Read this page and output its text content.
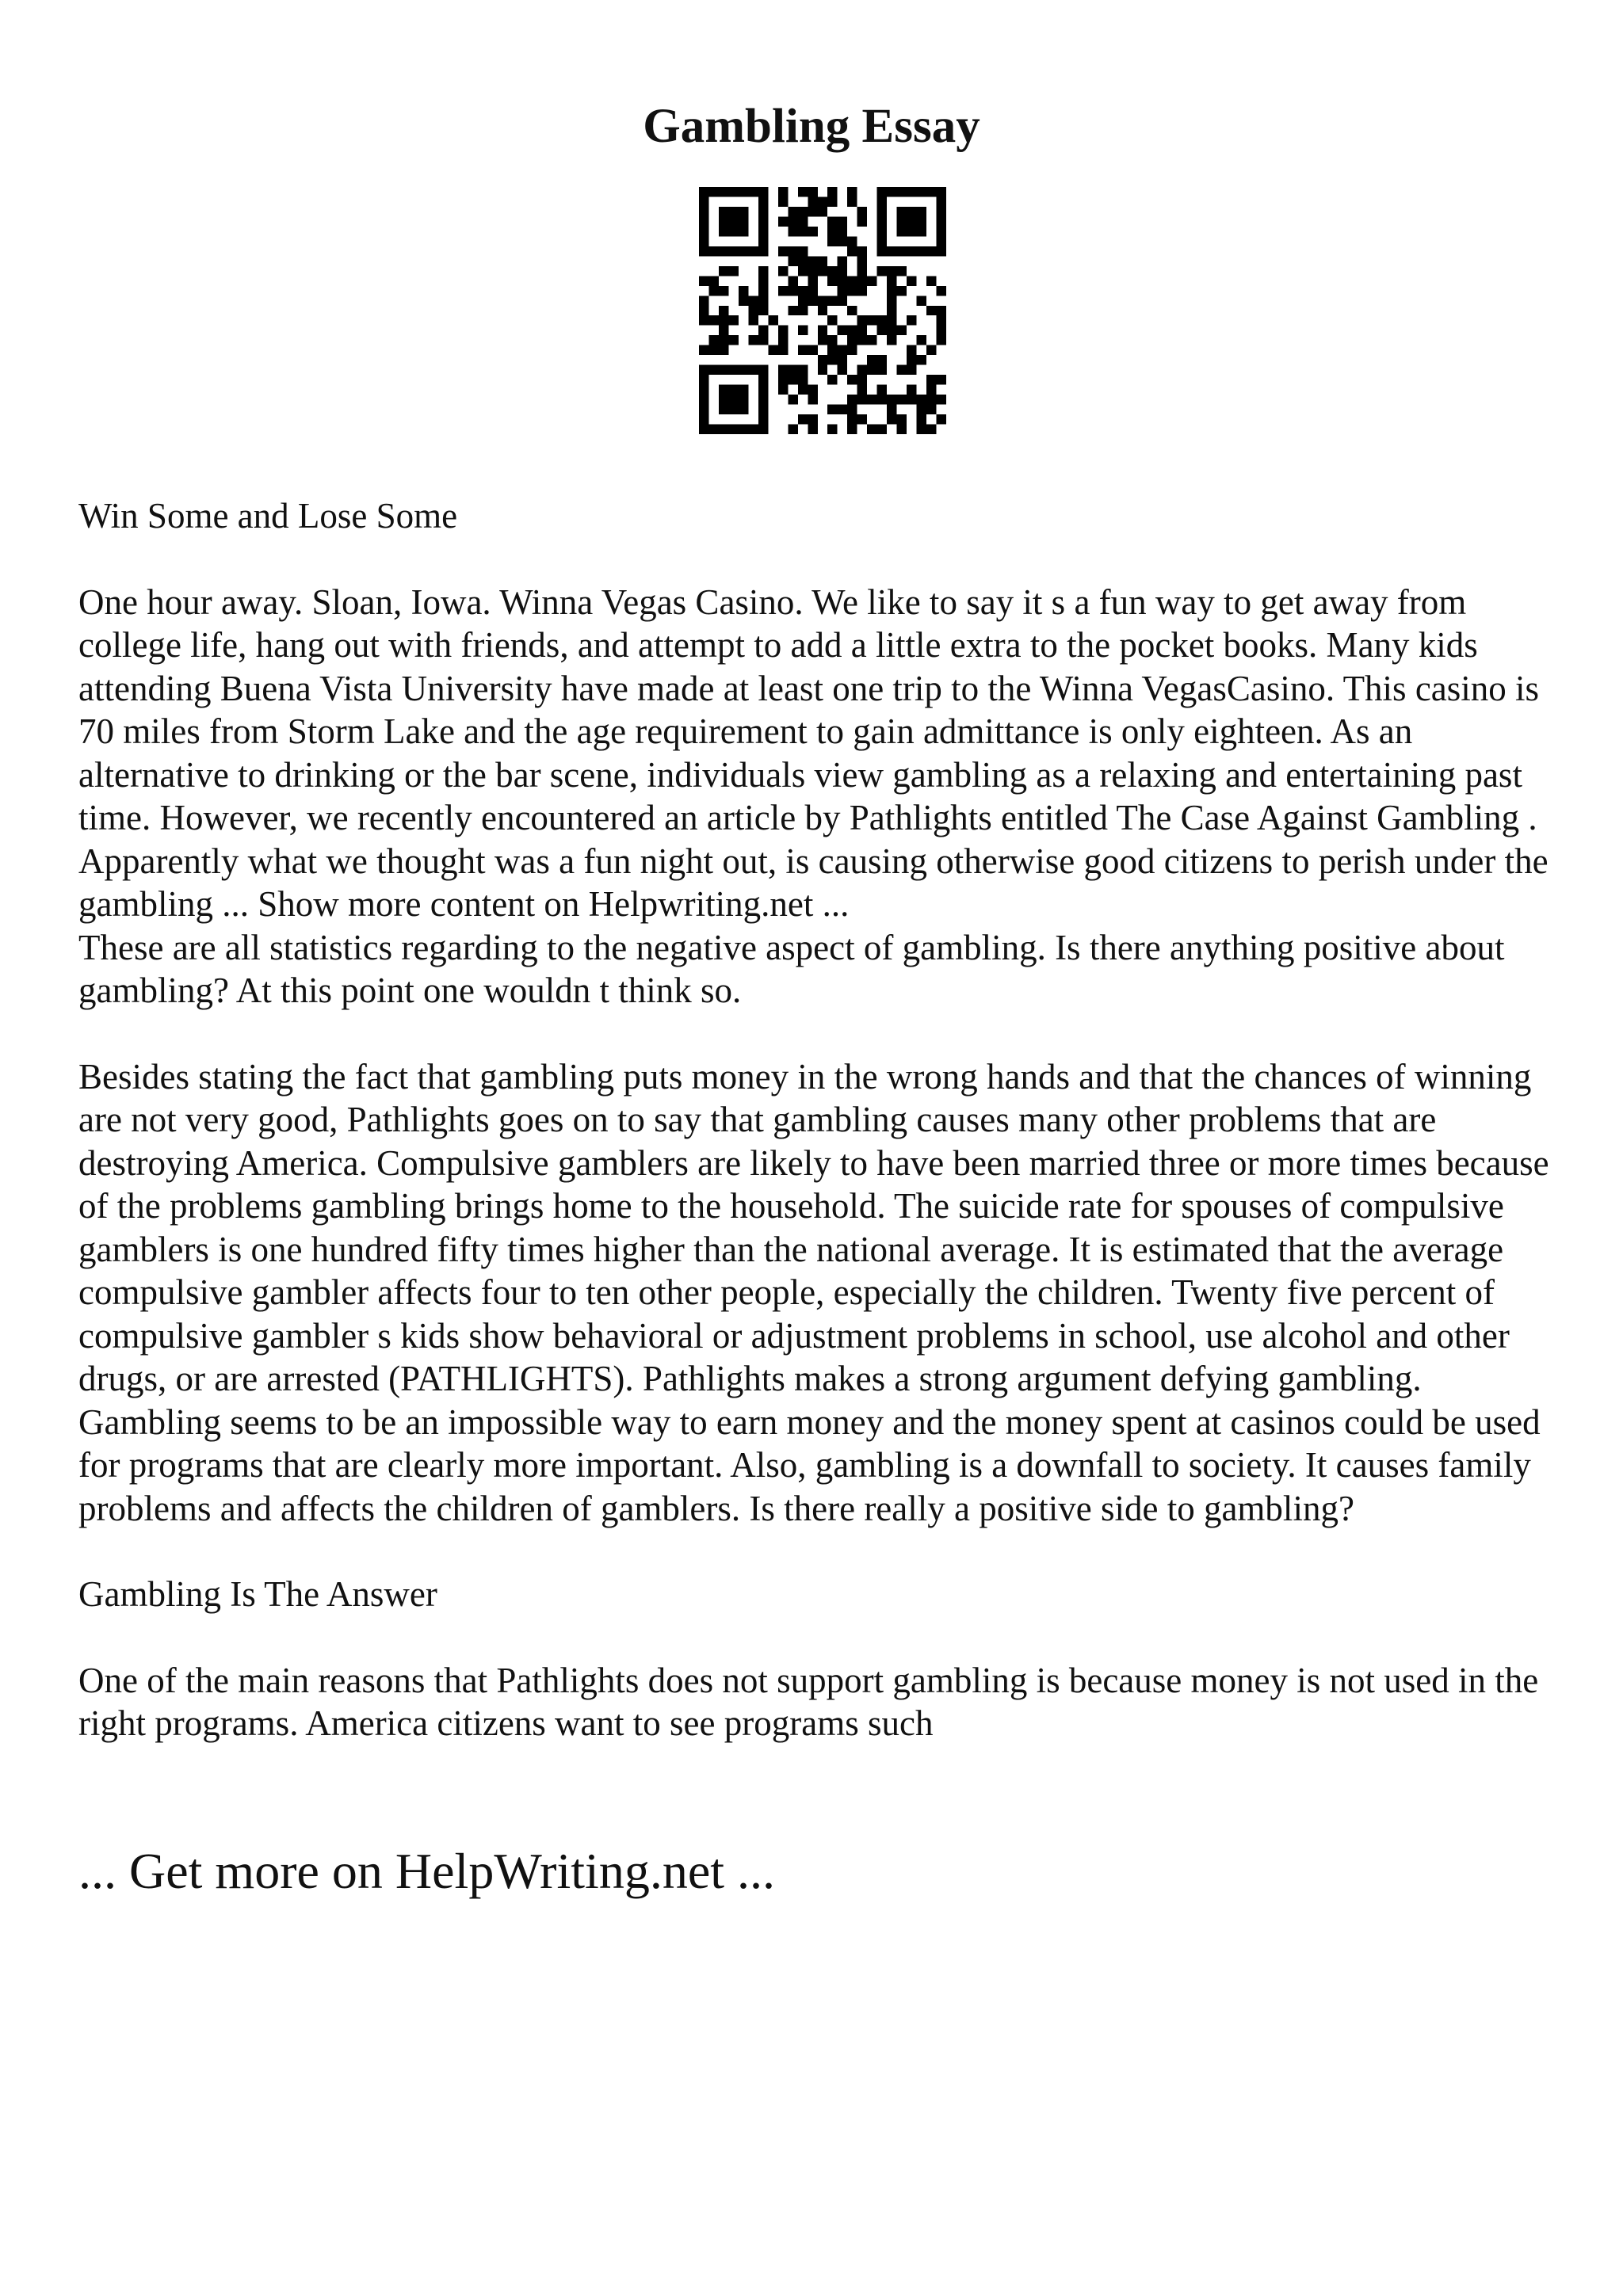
Gambling Essay

Win Some and Lose Some

One hour away. Sloan, Iowa. Winna Vegas Casino. We like to say it s a fun way to get away from college life, hang out with friends, and attempt to add a little extra to the pocket books. Many kids attending Buena Vista University have made at least one trip to the Winna VegasCasino. This casino is 70 miles from Storm Lake and the age requirement to gain admittance is only eighteen. As an alternative to drinking or the bar scene, individuals view gambling as a relaxing and entertaining past time. However, we recently encountered an article by Pathlights entitled The Case Against Gambling . Apparently what we thought was a fun night out, is causing otherwise good citizens to perish under the gambling ... Show more content on Helpwriting.net ...

These are all statistics regarding to the negative aspect of gambling. Is there anything positive about gambling? At this point one wouldn t think so.

Besides stating the fact that gambling puts money in the wrong hands and that the chances of winning are not very good, Pathlights goes on to say that gambling causes many other problems that are destroying America. Compulsive gamblers are likely to have been married three or more times because of the problems gambling brings home to the household. The suicide rate for spouses of compulsive gamblers is one hundred fifty times higher than the national average. It is estimated that the average compulsive gambler affects four to ten other people, especially the children. Twenty five percent of compulsive gambler s kids show behavioral or adjustment problems in school, use alcohol and other drugs, or are arrested (PATHLIGHTS). Pathlights makes a strong argument defying gambling. Gambling seems to be an impossible way to earn money and the money spent at casinos could be used for programs that are clearly more important. Also, gambling is a downfall to society. It causes family problems and affects the children of gamblers. Is there really a positive side to gambling?

Gambling Is The Answer

One of the main reasons that Pathlights does not support gambling is because money is not used in the right programs. America citizens want to see programs such

... Get more on HelpWriting.net ...
